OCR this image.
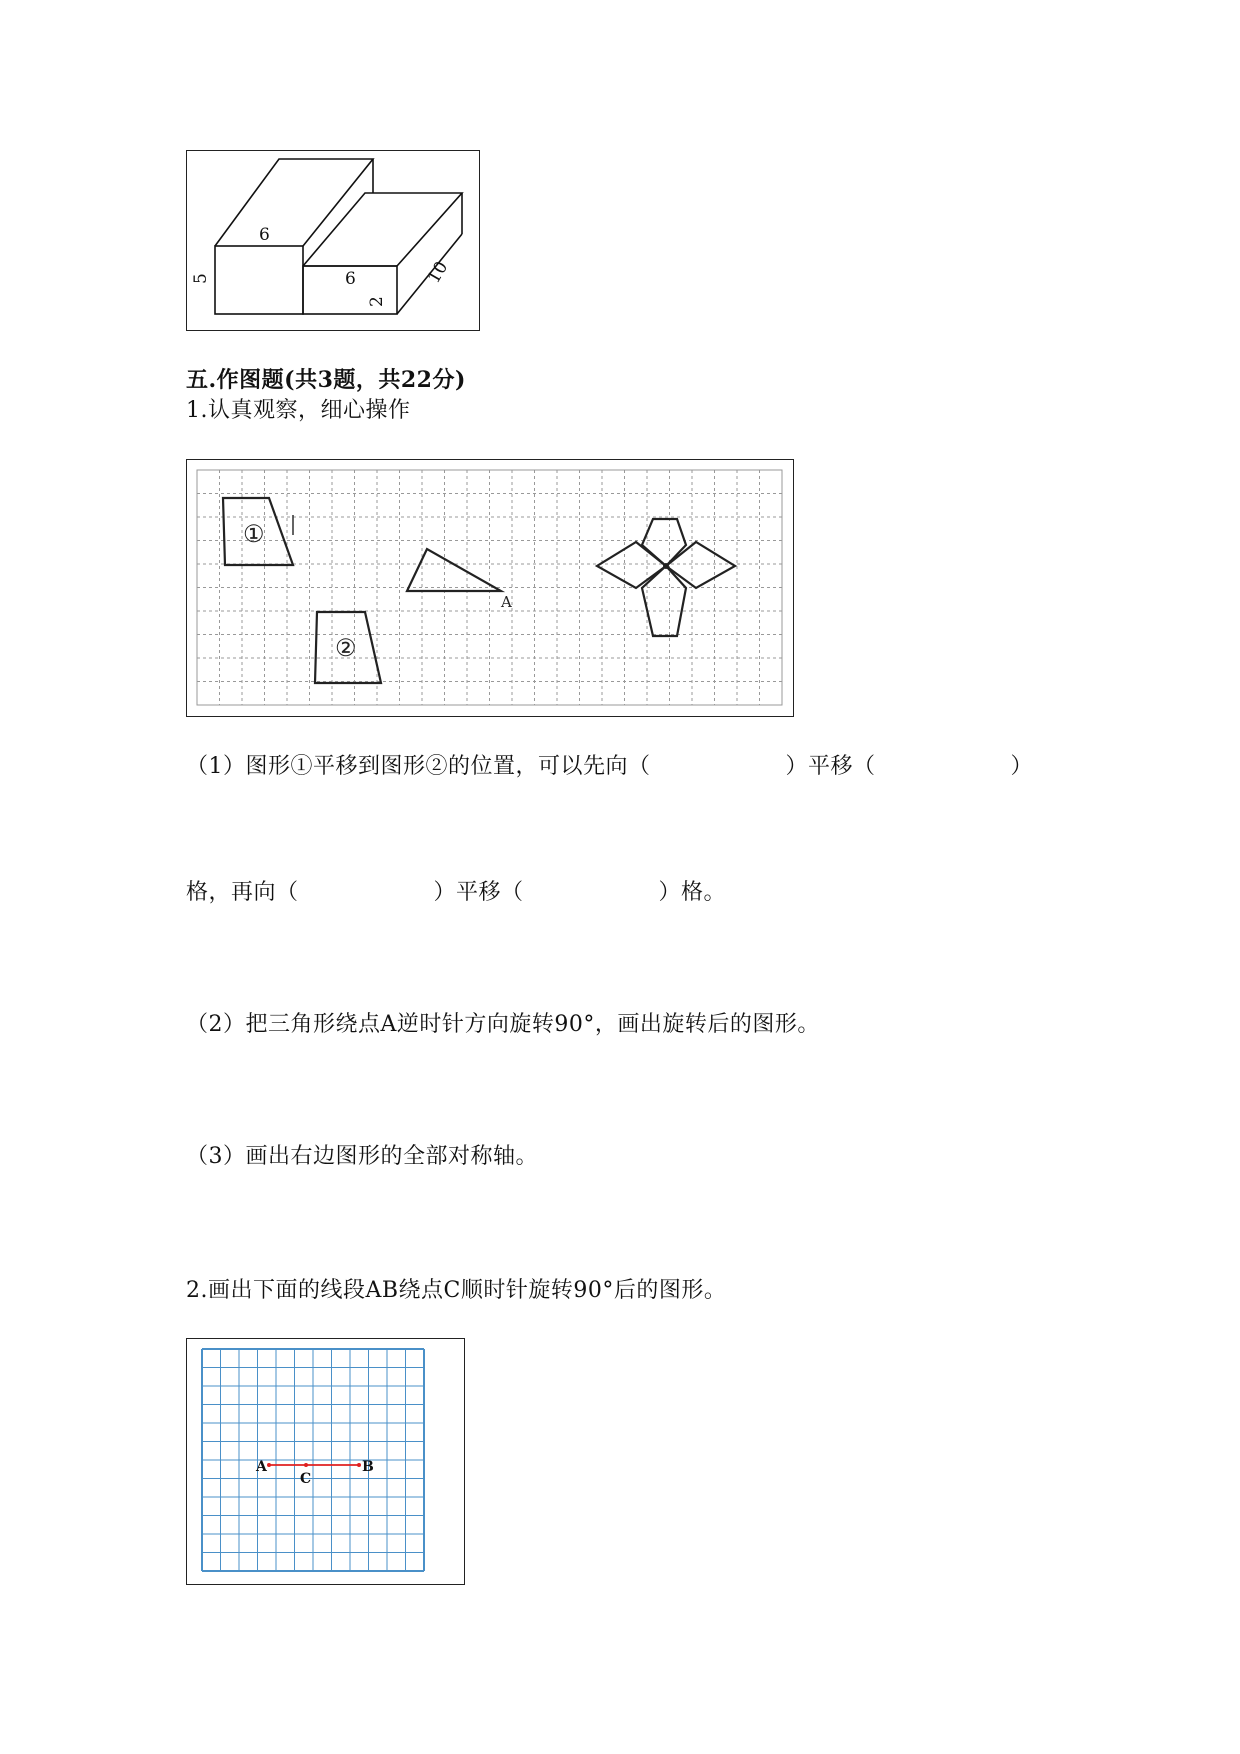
6
5	6
2
10
五.作图题(共3题，共22分)
1.认真观察，细心操作
①
②
A
（1）图形①平移到图形②的位置，可以先向（　　　　　　）平移（　　　　　　）
格，再向（　　　　　　）平移（　　　　　　）格。
（2）把三角形绕点A逆时针方向旋转90°，画出旋转后的图形。
（3）画出右边图形的全部对称轴。
2.画出下面的线段AB绕点C顺时针旋转90°后的图形。
A	B
C
